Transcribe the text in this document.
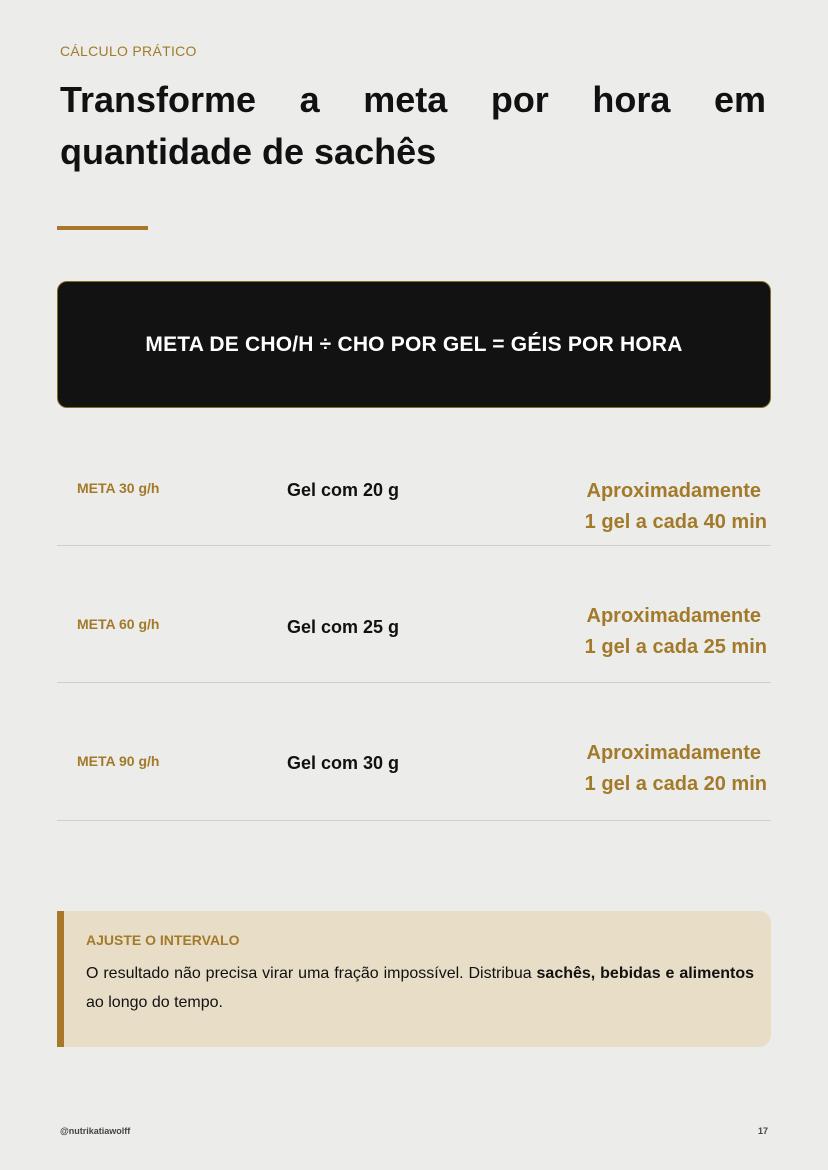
CÁLCULO PRÁTICO
Transforme a meta por hora em quantidade de sachês
META DE CHO/H ÷ CHO POR GEL = GÉIS POR HORA
META 30 g/h	Gel com 20 g	Aproximadamente
1 gel a cada 40 min
META 60 g/h	Gel com 25 g	Aproximadamente
1 gel a cada 25 min
META 90 g/h	Gel com 30 g	Aproximadamente
1 gel a cada 20 min
AJUSTE O INTERVALO
O resultado não precisa virar uma fração impossível. Distribua sachês, bebidas e alimentos ao longo do tempo.
@nutrikatiawolff	17
